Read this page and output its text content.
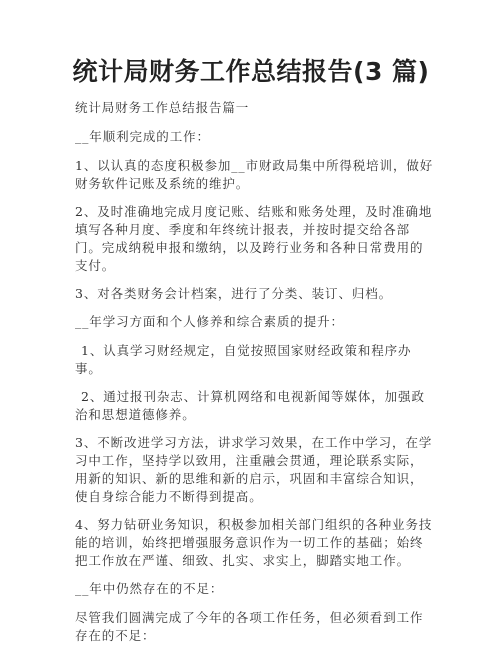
统计局财务工作总结报告(3 篇)

统计局财务工作总结报告篇一

__年顺利完成的工作：

1、以认真的态度积极参加__市财政局集中所得税培训，做好财务软件记账及系统的维护。

2、及时准确地完成月度记账、结账和账务处理，及时准确地填写各种月度、季度和年终统计报表，并按时提交给各部门。完成纳税申报和缴纳，以及跨行业务和各种日常费用的支付。

3、对各类财务会计档案，进行了分类、装订、归档。

__年学习方面和个人修养和综合素质的提升：

1、认真学习财经规定，自觉按照国家财经政策和程序办事。

2、通过报刊杂志、计算机网络和电视新闻等媒体，加强政治和思想道德修养。

3、不断改进学习方法，讲求学习效果，在工作中学习，在学习中工作，坚持学以致用，注重融会贯通，理论联系实际，用新的知识、新的思维和新的启示，巩固和丰富综合知识，使自身综合能力不断得到提高。

4、努力钻研业务知识，积极参加相关部门组织的各种业务技能的培训，始终把增强服务意识作为一切工作的基础；始终把工作放在严谨、细致、扎实、求实上，脚踏实地工作。

__年中仍然存在的不足：

尽管我们圆满完成了今年的各项工作任务，但必须看到工作存在的不足：
